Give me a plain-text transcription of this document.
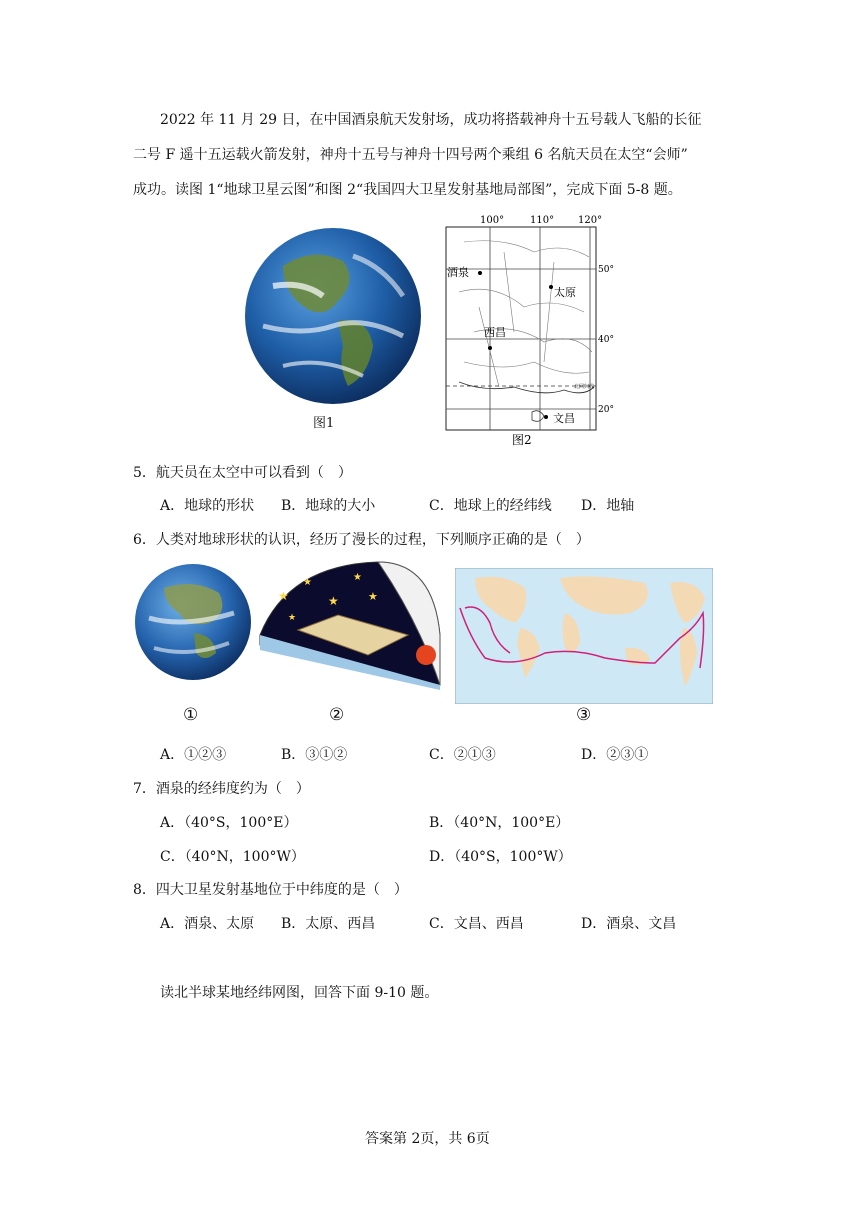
2022 年 11 月 29 日，在中国酒泉航天发射场，成功将搭载神舟十五号载人飞船的长征
二号 F 遥十五运载火箭发射，神舟十五号与神舟十四号两个乘组 6 名航天员在太空“会师”
成功。读图 1“地球卫星云图”和图 2“我国四大卫星发射基地局部图”，完成下面 5-8 题。
图1
100°	110° 120°
50°
40°
20°
酒泉
太原
西昌
文昌
北回归线
图2
5．航天员在太空中可以看到（　）
A．地球的形状 B．地球的大小	C．地球上的经纬线 D．地轴
6．人类对地球形状的认识，经历了漫长的过程，下列顺序正确的是（　）
★
★
★
★
★
★
①	②	③
A．①②③	B．③①②	C．②①③	D．②③①
7．酒泉的经纬度约为（　）
A．（40°S，100°E）	B．（40°N，100°E）
C．（40°N，100°W）	D．（40°S，100°W）
8．四大卫星发射基地位于中纬度的是（　）
A．酒泉、太原 B．太原、西昌	C．文昌、西昌	D．酒泉、文昌
读北半球某地经纬网图，回答下面 9-10 题。
答案第 2页，共 6页
